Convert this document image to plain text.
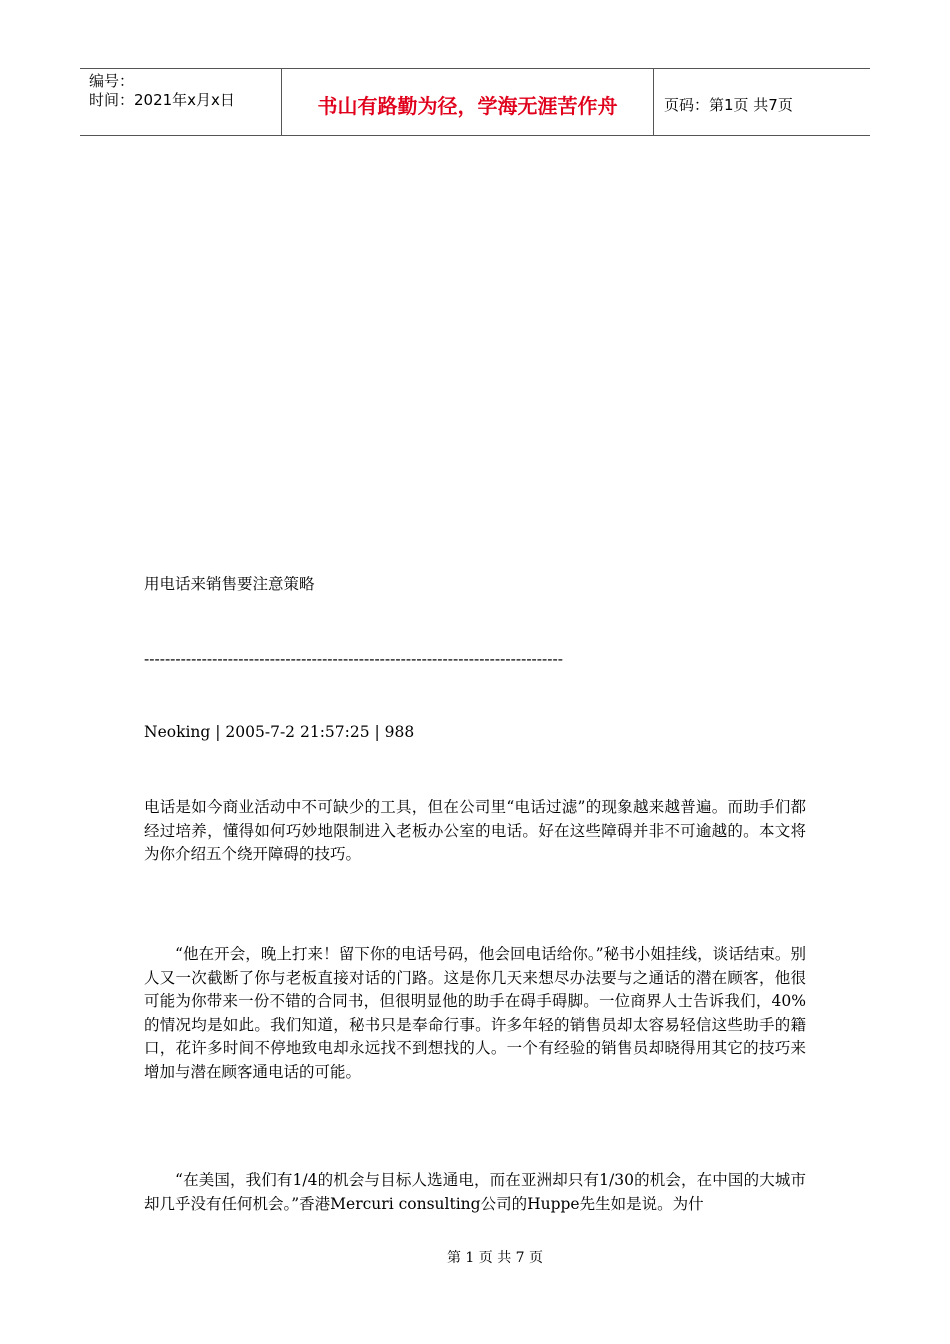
编号：
时间：2021年x月x日	书山有路勤为径，学海无涯苦作舟	页码：第1页 共7页
用电话来销售要注意策略
--------------------------------------------------------------------------------
Neoking | 2005-7-2 21:57:25 | 988
电话是如今商业活动中不可缺少的工具，但在公司里“电话过滤”的现象越来越普遍。而助手们都经过培养，懂得如何巧妙地限制进入老板办公室的电话。好在这些障碍并非不可逾越的。本文将为你介绍五个绕开障碍的技巧。
“他在开会，晚上打来！留下你的电话号码，他会回电话给你。”秘书小姐挂线，谈话结束。别人又一次截断了你与老板直接对话的门路。这是你几天来想尽办法要与之通话的潜在顾客，他很可能为你带来一份不错的合同书，但很明显他的助手在碍手碍脚。一位商界人士告诉我们，40%的情况均是如此。我们知道，秘书只是奉命行事。许多年轻的销售员却太容易轻信这些助手的籍口，花许多时间不停地致电却永远找不到想找的人。一个有经验的销售员却晓得用其它的技巧来增加与潜在顾客通电话的可能。
“在美国，我们有1/4的机会与目标人选通电，而在亚洲却只有1/30的机会，在中国的大城市却几乎没有任何机会。”香港Mercuri consulting公司的Huppe先生如是说。为什
第 1 页 共 7 页
